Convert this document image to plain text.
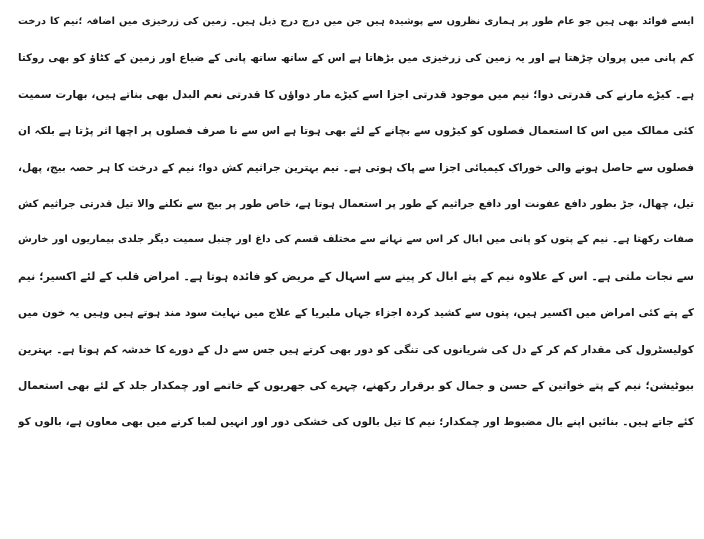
ایسے فوائد بھی ہیں جو عام طور پر ہماری نظروں سے پوشیدہ ہیں جن میں درج درج ذیل ہیں۔ زمین کی زرخیزی میں اضافہ ؛نیم کا درخت
کم پانی میں پروان چڑھتا ہے اور یہ زمین کی زرخیزی میں بڑھاتا ہے اس کے ساتھ ساتھ پانی کے ضیاع اور زمین کے کٹاؤ کو بھی روکتا
ہے۔ کیڑے مارنے کی قدرتی دوا؛ نیم میں موجود قدرتی اجزا اسے کیڑے مار دواؤں کا قدرتی نعم البدل بھی بناتے ہیں، بھارت سمیت
کئی ممالک میں اس کا استعمال فصلوں کو کیڑوں سے بچانے کے لئے بھی ہوتا ہے اس سے نا صرف فصلوں پر اچھا اثر پڑتا ہے بلکہ ان
فصلوں سے حاصل ہونے والی خوراک کیمیائی اجزا سے پاک ہوتی ہے۔ نیم بہترین جراثیم کش دوا؛ نیم کے درخت کا ہر حصہ بیج، پھل،
تیل، چھال، جڑ بطور دافع عفونت اور دافع جراثیم کے طور پر استعمال ہوتا ہے، خاص طور پر بیج سے نکلنے والا تیل قدرتی جراثیم کش
صفات رکھتا ہے۔ نیم کے پتوں کو پانی میں ابال کر اس سے نہانے سے مختلف قسم کی داغ اور چنبل سمیت دیگر جلدی بیماریوں اور خارش
سے نجات ملتی ہے۔ اس کے علاوہ نیم کے پتے ابال کر پینے سے اسہال کے مریض کو فائدہ ہوتا ہے۔ امراض قلب کے لئے اکسیر؛ نیم
کے پتے کئی امراض میں اکسیر ہیں، پتوں سے کشید کردہ اجزاء جہاں ملیریا کے علاج میں نہایت سود مند ہوتے ہیں وہیں یہ خون میں
کولیسٹرول کی مقدار کم کر کے دل کی شریانوں کی تنگی کو دور بھی کرتے ہیں جس سے دل کے دورے کا خدشہ کم ہوتا ہے۔ بہترین
بیوٹیشن؛ نیم کے پتے خواتین کے حسن و جمال کو برقرار رکھنے، چہرے کی جھریوں کے خاتمے اور چمکدار جلد کے لئے بھی استعمال
کئے جاتے ہیں۔ بنائیں اپنے بال مضبوط اور چمکدار؛ نیم کا تیل بالوں کی خشکی دور اور انہیں لمبا کرنے میں بھی معاون ہے، بالوں کو
